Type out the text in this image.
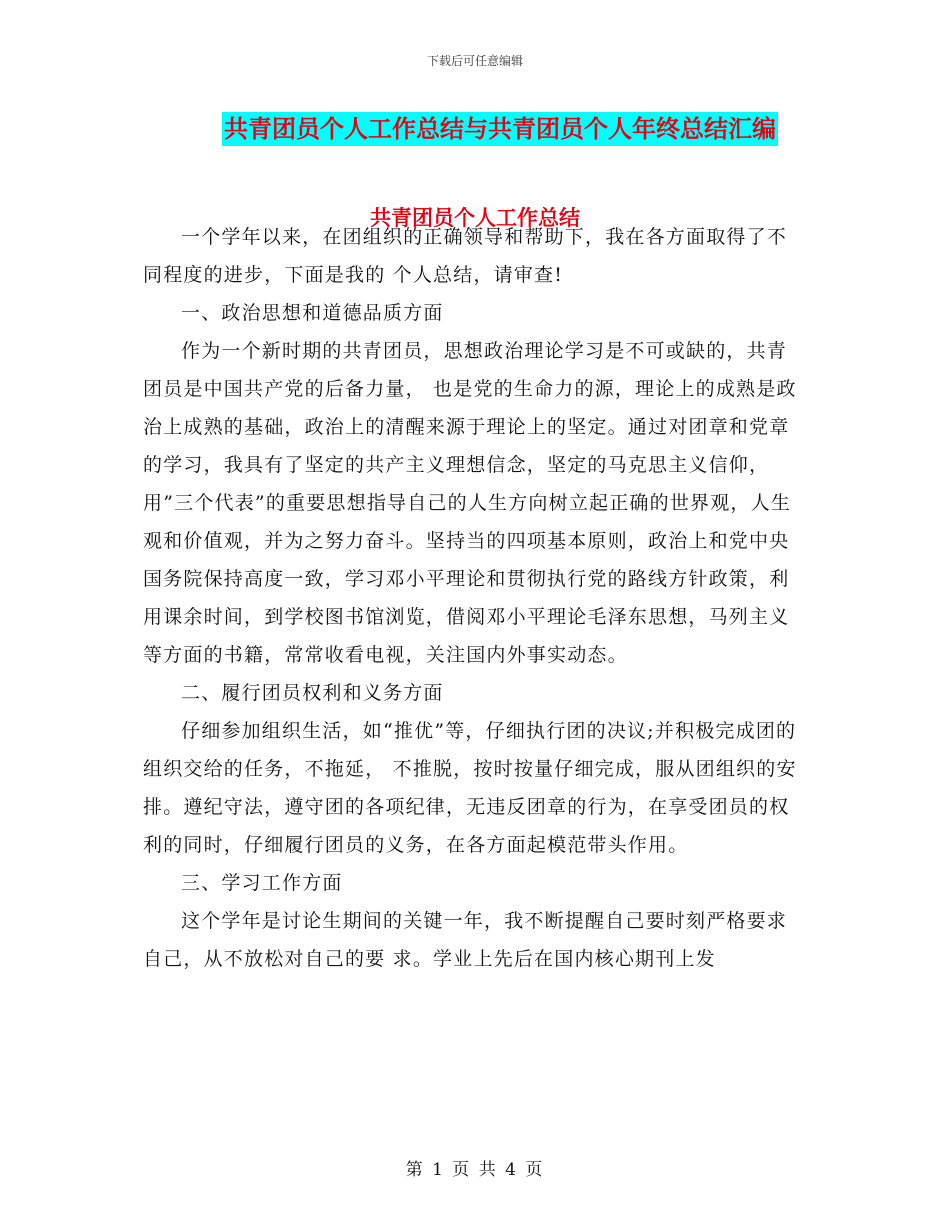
下载后可任意编辑
共青团员个人工作总结与共青团员个人年终总结汇编
共青团员个人工作总结

一个学年以来，在团组织的正确领导和帮助下，我在各方面取得了不同程度的进步，下面是我的 个人总结，请审查!

一、政治思想和道德品质方面

作为一个新时期的共青团员，思想政治理论学习是不可或缺的，共青团员是中国共产党的后备力量， 也是党的生命力的源，理论上的成熟是政治上成熟的基础，政治上的清醒来源于理论上的坚定。通过对团章和党章的学习，我具有了坚定的共产主义理想信念，坚定的马克思主义信仰，用”三个代表”的重要思想指导自己的人生方向树立起正确的世界观，人生观和价值观，并为之努力奋斗。坚持当的四项基本原则，政治上和党中央国务院保持高度一致，学习邓小平理论和贯彻执行党的路线方针政策，利用课余时间，到学校图书馆浏览，借阅邓小平理论毛泽东思想，马列主义等方面的书籍，常常收看电视，关注国内外事实动态。

二、履行团员权利和义务方面

仔细参加组织生活，如“推优”等，仔细执行团的决议;并积极完成团的组织交给的任务，不拖延， 不推脱，按时按量仔细完成，服从团组织的安排。遵纪守法，遵守团的各项纪律，无违反团章的行为，在享受团员的权利的同时，仔细履行团员的义务，在各方面起模范带头作用。

三、学习工作方面

这个学年是讨论生期间的关键一年，我不断提醒自己要时刻严格要求自己，从不放松对自己的要 求。学业上先后在国内核心期刊上发

第 1 页 共 4 页
